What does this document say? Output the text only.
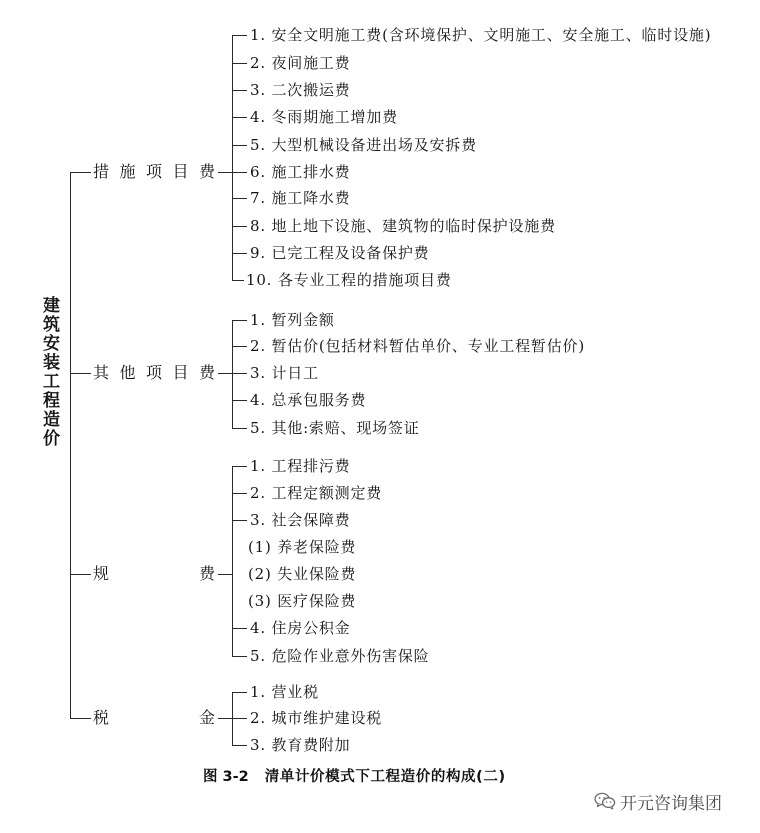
建筑安装工程造价
措施项目费
其他项目费
规费
税金
1. 安全文明施工费(含环境保护、文明施工、安全施工、临时设施)
2. 夜间施工费
3. 二次搬运费
4. 冬雨期施工增加费
5. 大型机械设备进出场及安拆费
6. 施工排水费
7. 施工降水费
8. 地上地下设施、建筑物的临时保护设施费
9. 已完工程及设备保护费
10. 各专业工程的措施项目费
1. 暂列金额
2. 暂估价(包括材料暂估单价、专业工程暂估价)
3. 计日工
4. 总承包服务费
5. 其他:索赔、现场签证
1. 工程排污费
2. 工程定额测定费
3. 社会保障费
(1) 养老保险费
(2) 失业保险费
(3) 医疗保险费
4. 住房公积金
5. 危险作业意外伤害保险
1. 营业税
2. 城市维护建设税
3. 教育费附加
图 3-2 清单计价模式下工程造价的构成(二)
开元咨询集团
